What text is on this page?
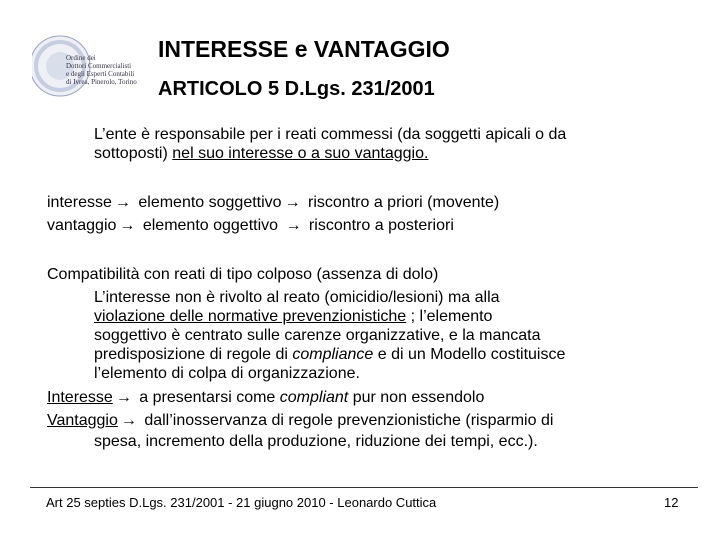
Ordine dei
Dottori Commercialisti
e degli Esperti Contabili
di Ivrea, Pinerolo, Torino
INTERESSE e VANTAGGIO
ARTICOLO 5 D.Lgs. 231/2001

L’ente è responsabile per i reati commessi (da soggetti apicali o da

sottoposti) nel suo interesse o a suo vantaggio.

interesse → elemento soggettivo → riscontro a priori (movente)

vantaggio → elemento oggettivo → riscontro a posteriori

Compatibilità con reati di tipo colposo (assenza di dolo)

L’interesse non è rivolto al reato (omicidio/lesioni) ma alla

violazione delle normative prevenzionistiche ; l’elemento

soggettivo è centrato sulle carenze organizzative, e la mancata

predisposizione di regole di compliance e di un Modello costituisce

l’elemento di colpa di organizzazione.

Interesse → a presentarsi come compliant pur non essendolo

Vantaggio → dall’inosservanza di regole prevenzionistiche (risparmio di

spesa, incremento della produzione, riduzione dei tempi, ecc.).

Art 25 septies D.Lgs. 231/2001 - 21 giugno 2010 - Leonardo Cuttica	12
